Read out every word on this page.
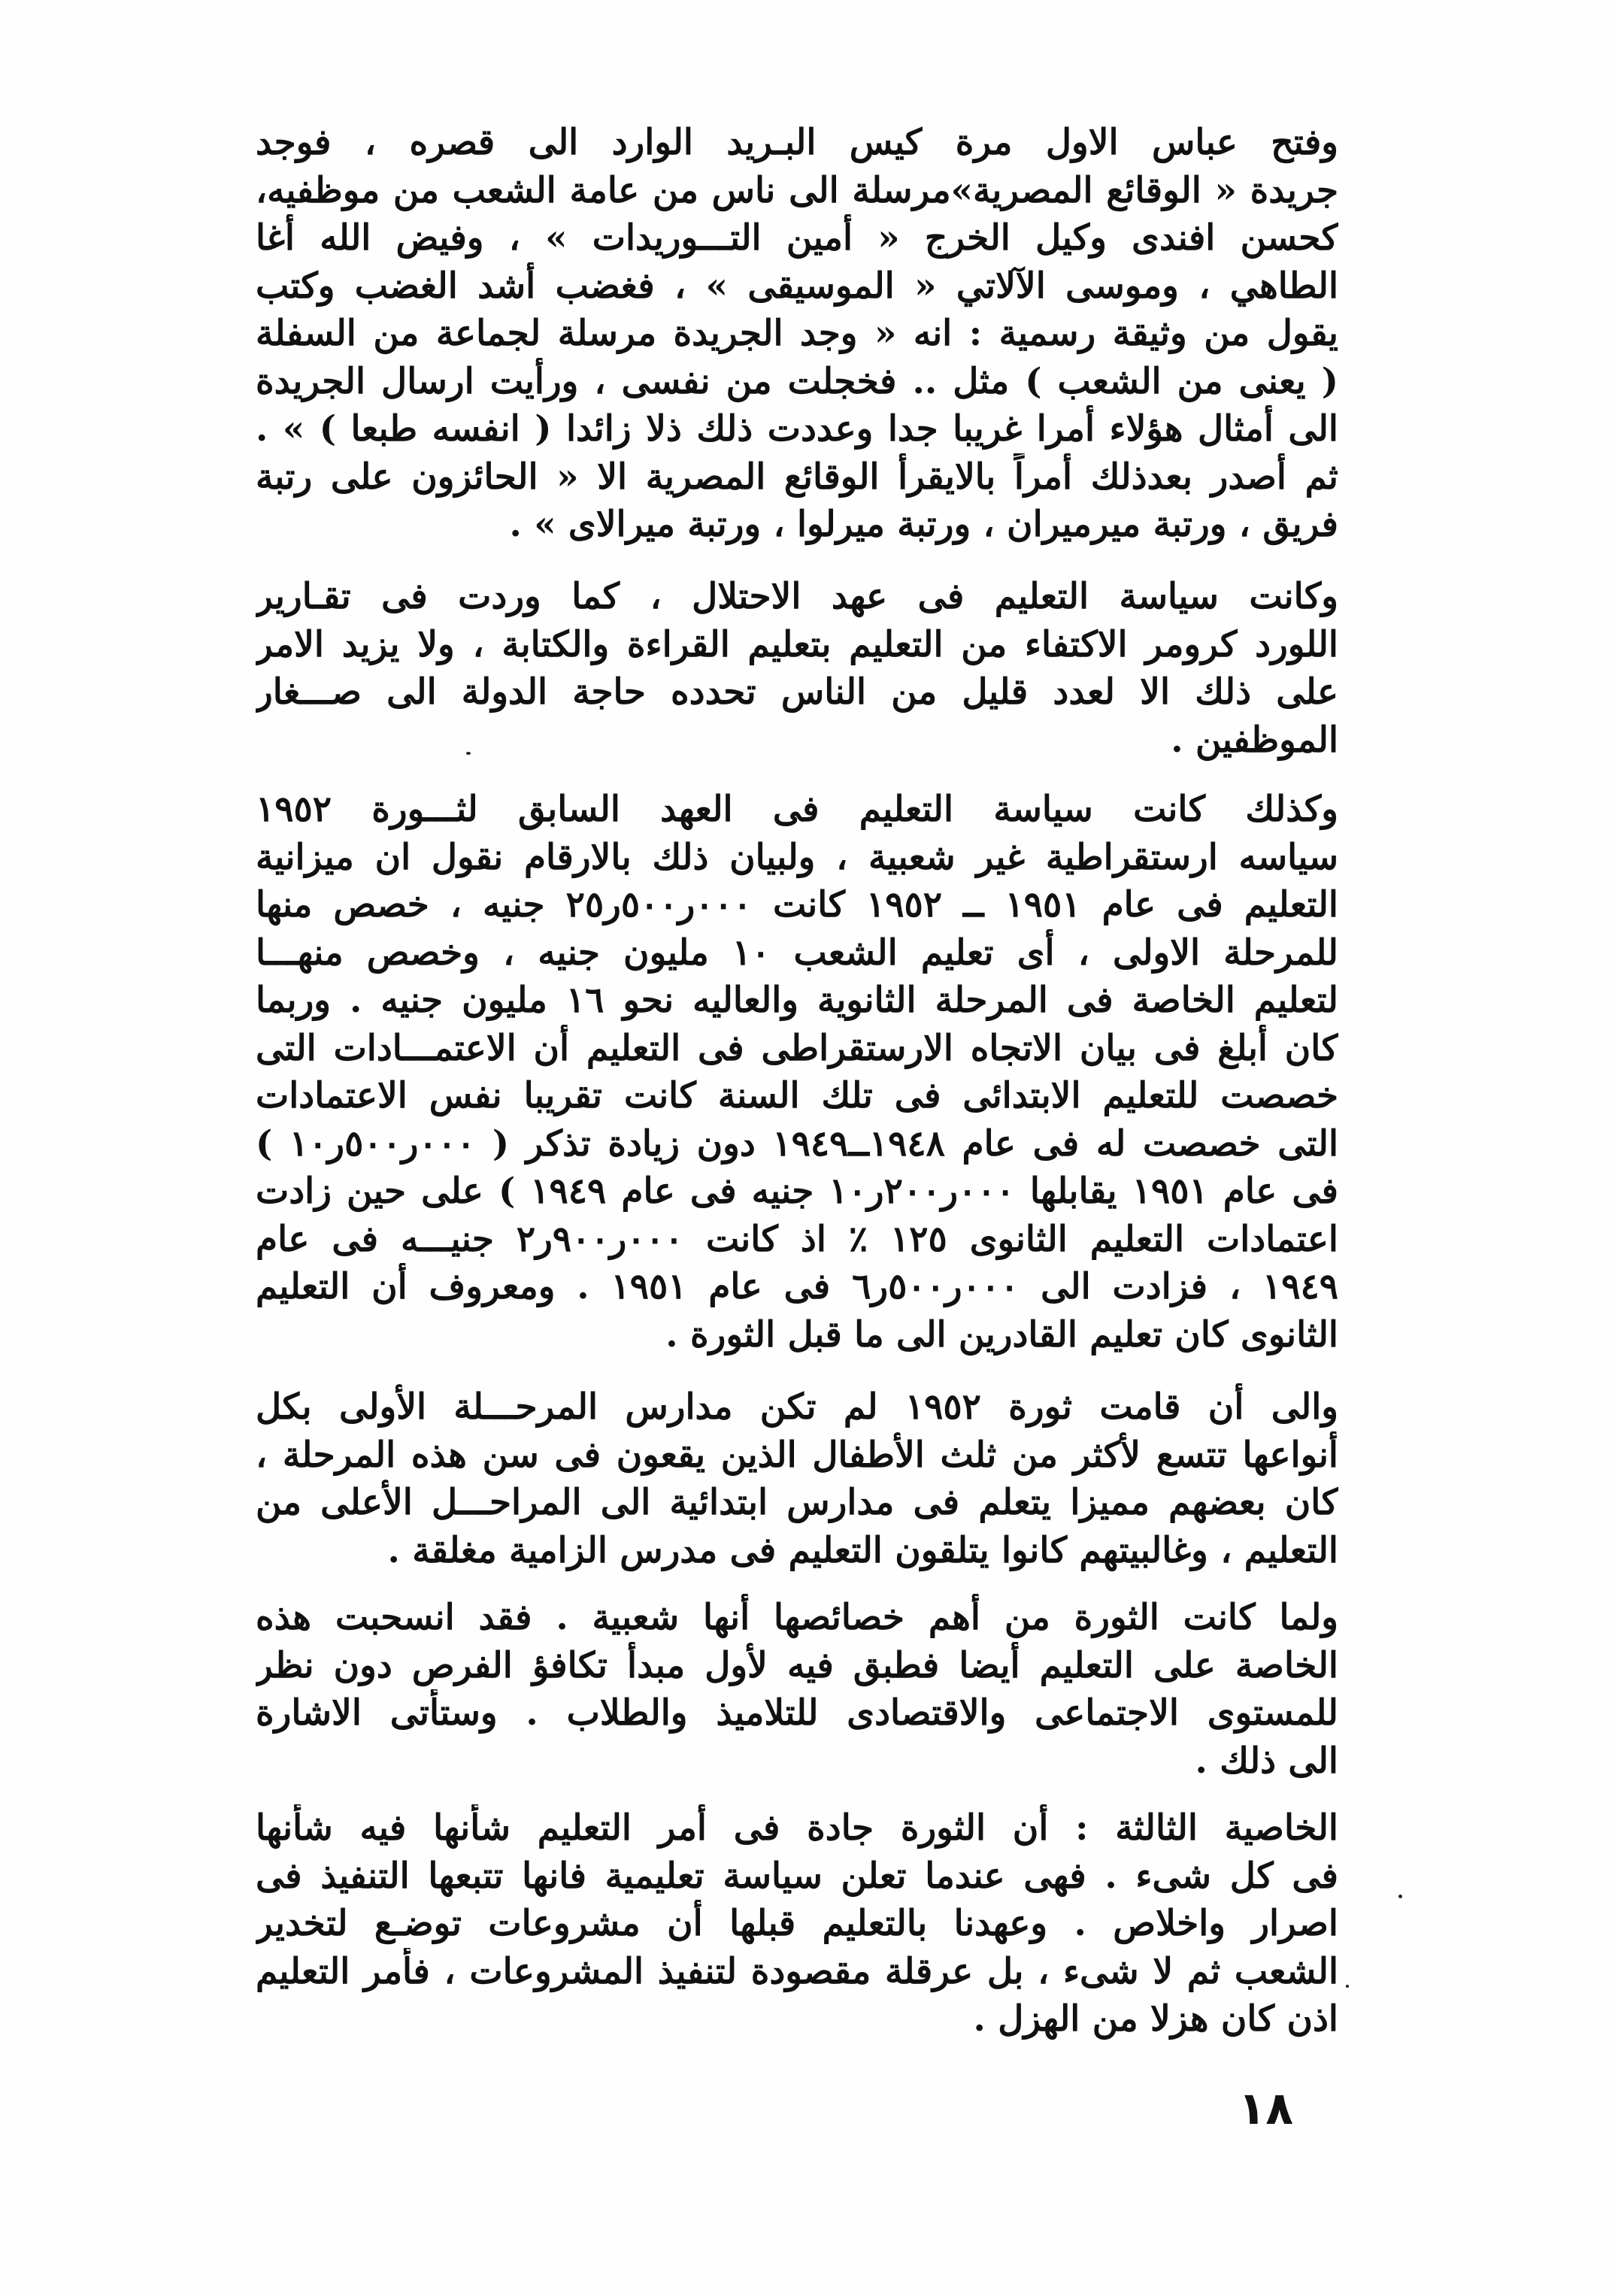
وفتح عباس الاول مرة كيس البـريد الوارد الى قصره ، فوجد
جريدة « الوقائع المصرية»مرسلة الى ناس من عامة الشعب من موظفيه،
كحسن افندى وكيل الخرج « أمين التـــوريدات » ، وفيض الله أغا
الطاهي ، وموسى الآلاتي « الموسيقى » ، فغضب أشد الغضب وكتب
يقول من وثيقة رسمية : انه « وجد الجريدة مرسلة لجماعة من السفلة
( يعنى من الشعب ) مثل .. فخجلت من نفسى ، ورأيت ارسال الجريدة
الى أمثال هؤلاء أمرا غريبا جدا وعددت ذلك ذلا زائدا ( انفسه طبعا ) » .
ثم أصدر بعدذلك أمراً بالايقرأ الوقائع المصرية الا « الحائزون على رتبة
فريق ، ورتبة ميرميران ، ورتبة ميرلوا ، ورتبة ميرالاى » .
وكانت سياسة التعليم فى عهد الاحتلال ، كما وردت فى تقـارير
اللورد كرومر الاكتفاء من التعليم بتعليم القراءة والكتابة ، ولا يزيد الامر
على ذلك الا لعدد قليل من الناس تحدده حاجة الدولة الى صـــغار
الموظفين .
وكذلك كانت سياسة التعليم فى العهد السابق لثـــورة ١٩٥٢
سياسه ارستقراطية غير شعبية ، ولبيان ذلك بالارقام نقول ان ميزانية
التعليم فى عام ١٩٥١ ــ ١٩٥٢ كانت ٠٠٠ر٥٠٠ر٢٥ جنيه ، خصص منها
للمرحلة الاولى ، أى تعليم الشعب ١٠ مليون جنيه ، وخصص منهـــا
لتعليم الخاصة فى المرحلة الثانوية والعاليه نحو ١٦ مليون جنيه . وربما
كان أبلغ فى بيان الاتجاه الارستقراطى فى التعليم أن الاعتمـــادات التى
خصصت للتعليم الابتدائى فى تلك السنة كانت تقريبا نفس الاعتمادات
التى خصصت له فى عام ١٩٤٨ــ١٩٤٩ دون زيادة تذكر ( ٠٠٠ر٥٠٠ر١٠ )
فى عام ١٩٥١ يقابلها ٠٠٠ر٢٠٠ر١٠ جنيه فى عام ١٩٤٩ ) على حين زادت
اعتمادات التعليم الثانوى ١٢٥ ٪ اذ كانت ٠٠٠ر٩٠٠ر٢ جنيـــه فى عام
١٩٤٩ ، فزادت الى ٠٠٠ر٥٠٠ر٦ فى عام ١٩٥١ . ومعروف أن التعليم
الثانوى كان تعليم القادرين الى ما قبل الثورة .
والى أن قامت ثورة ١٩٥٢ لم تكن مدارس المرحـــلة الأولى بكل
أنواعها تتسع لأكثر من ثلث الأطفال الذين يقعون فى سن هذه المرحلة ،
كان بعضهم مميزا يتعلم فى مدارس ابتدائية الى المراحـــل الأعلى من
التعليم ، وغالبيتهم كانوا يتلقون التعليم فى مدرس الزامية مغلقة .
ولما كانت الثورة من أهم خصائصها أنها شعبية . فقد انسحبت هذه
الخاصة على التعليم أيضا فطبق فيه لأول مبدأ تكافؤ الفرص دون نظر
للمستوى الاجتماعى والاقتصادى للتلاميذ والطلاب . وستأتى الاشارة
الى ذلك .
الخاصية الثالثة : أن الثورة جادة فى أمر التعليم شأنها فيه شأنها
فى كل شىء . فهى عندما تعلن سياسة تعليمية فانها تتبعها التنفيذ فى
اصرار واخلاص . وعهدنا بالتعليم قبلها أن مشروعات توضـع لتخدير
الشعب ثم لا شىء ، بل عرقلة مقصودة لتنفيذ المشروعات ، فأمر التعليم
اذن كان هزلا من الهزل .
١٨
